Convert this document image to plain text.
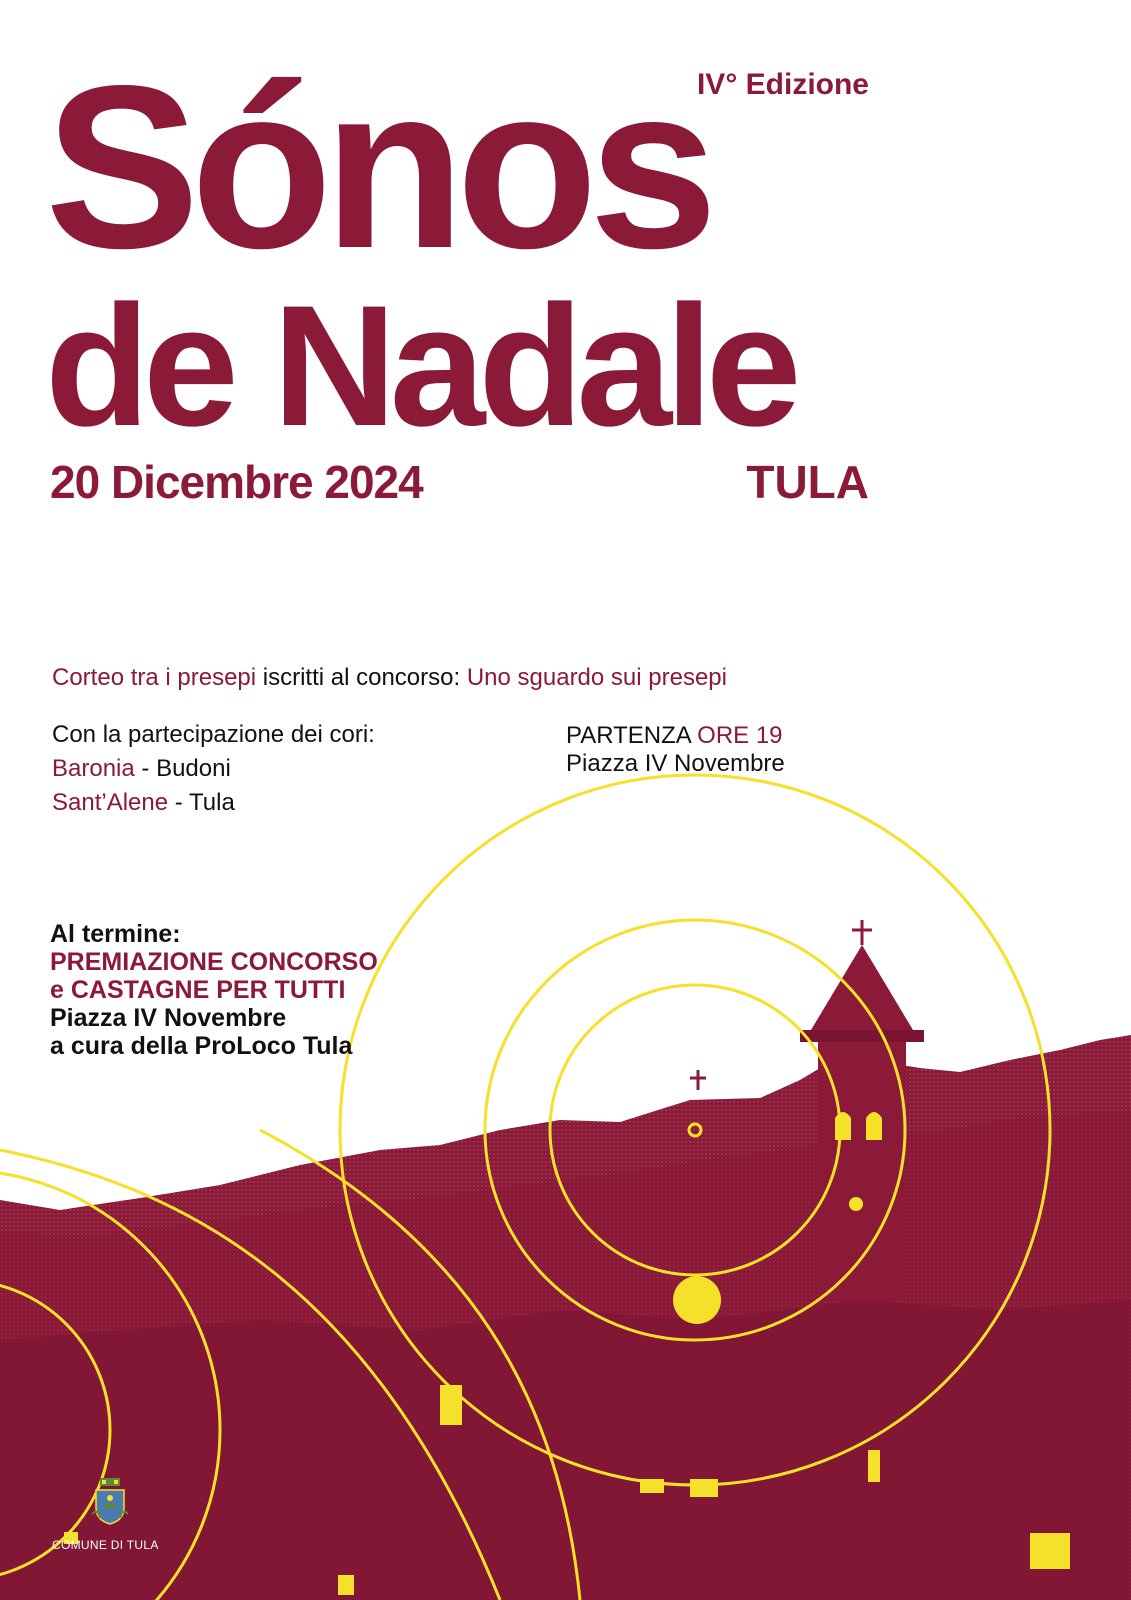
IV° Edizione
Sónos
de Nadale
20 Dicembre 2024	TULA
Corteo tra i presepi iscritti al concorso: Uno sguardo sui presepi
Con la partecipazione dei cori:
Baronia - Budoni
Sant’Alene - Tula
PARTENZA ORE 19
Piazza IV Novembre
Al termine:
PREMIAZIONE CONCORSO
e CASTAGNE PER TUTTI
Piazza IV Novembre
a cura della ProLoco Tula
COMUNE DI TULA
